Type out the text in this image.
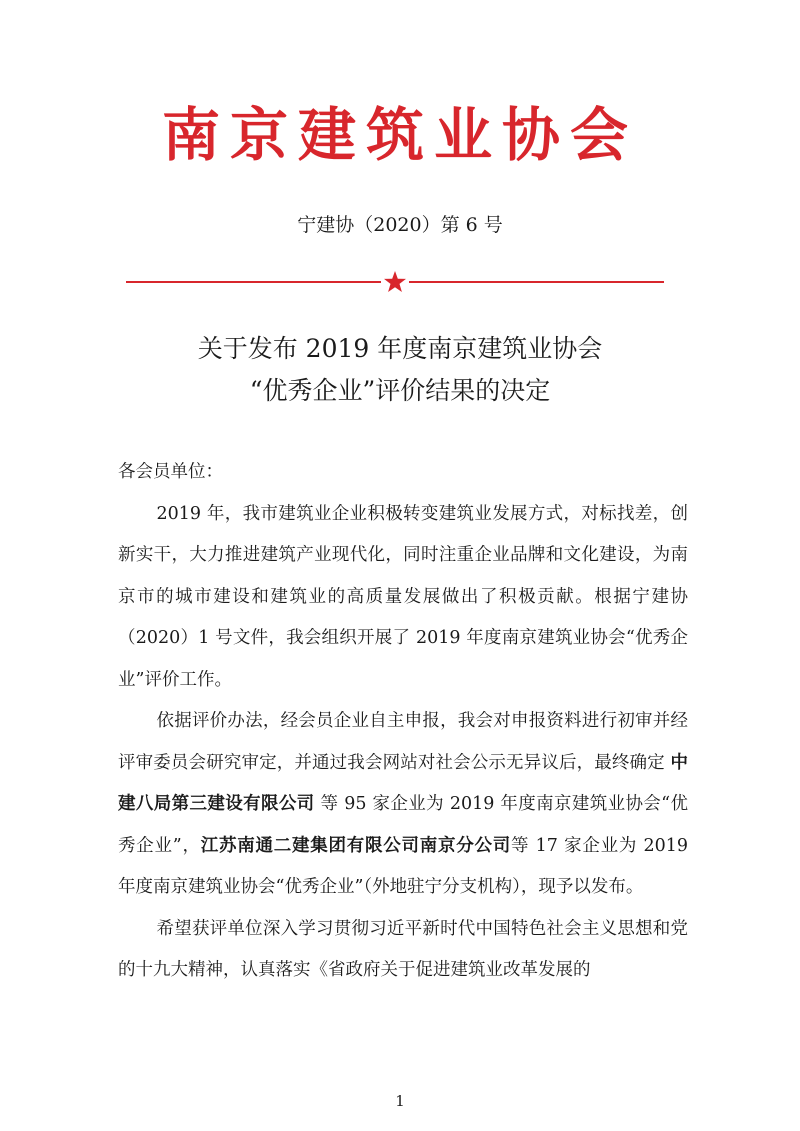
南京建筑业协会
宁建协（2020）第 6 号
关于发布 2019 年度南京建筑业协会
“优秀企业”评价结果的决定

各会员单位：

2019 年，我市建筑业企业积极转变建筑业发展方式，对标找差，创新实干，大力推进建筑产业现代化，同时注重企业品牌和文化建设，为南京市的城市建设和建筑业的高质量发展做出了积极贡献。根据宁建协（2020）1 号文件，我会组织开展了 2019 年度南京建筑业协会“优秀企业”评价工作。

依据评价办法，经会员企业自主申报，我会对申报资料进行初审并经评审委员会研究审定，并通过我会网站对社会公示无异议后，最终确定 中建八局第三建设有限公司 等 95 家企业为 2019 年度南京建筑业协会“优秀企业”，江苏南通二建集团有限公司南京分公司等 17 家企业为 2019 年度南京建筑业协会“优秀企业”（外地驻宁分支机构），现予以发布。

希望获评单位深入学习贯彻习近平新时代中国特色社会主义思想和党的十九大精神，认真落实《省政府关于促进建筑业改革发展的

1
